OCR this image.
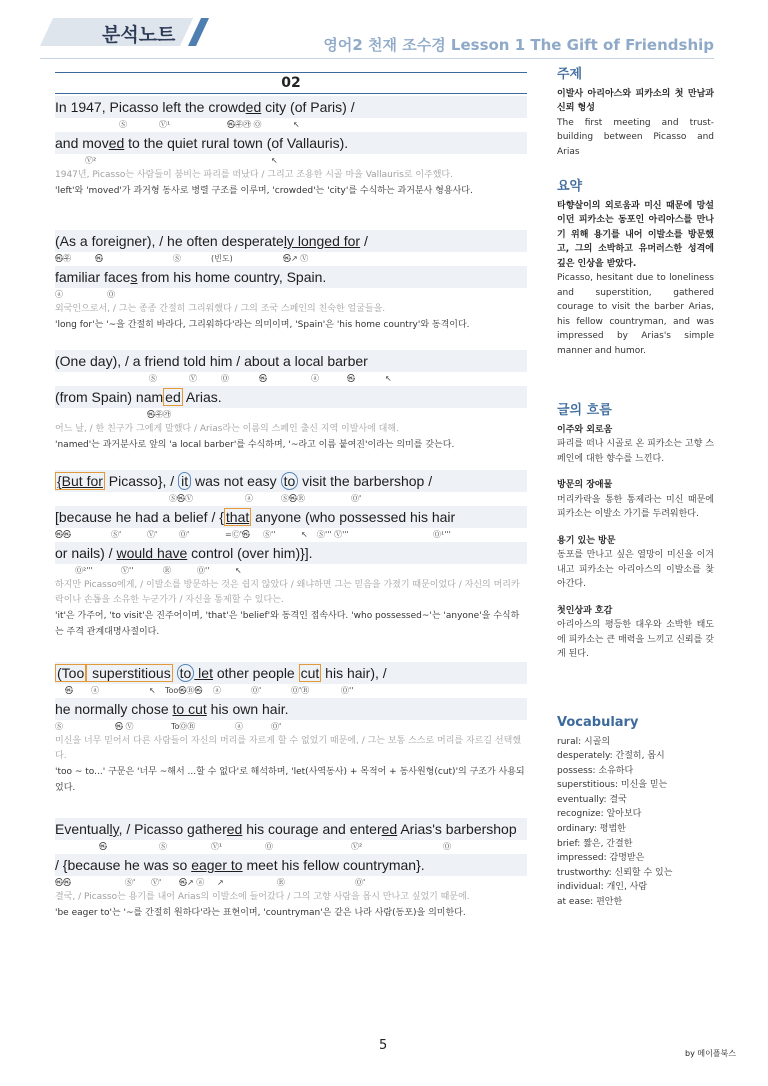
분석노트	영어2 천재 조수경 Lesson 1 The Gift of Friendship
02
In 1947, Picasso left the crowded city (of Paris) /
Ⓢ	Ⓥ¹	㉿㉾㉸ Ⓞ	↖
and moved to the quiet rural town (of Vallauris).
Ⓥ²	↖
1947년, Picasso는 사람들이 붐비는 파리를 떠났다 / 그리고 조용한 시골 마을 Vallauris로 이주했다.
'left'와 'moved'가 과거형 동사로 병렬 구조를 이루며, 'crowded'는 'city'를 수식하는 과거분사 형용사다.
(As a foreigner), / he often desperately longed for /
㉿㉾	㉿	Ⓢ	(빈도)	㉿↗ Ⓥ
familiar faces from his home country, Spain.
ⓐ	Ⓞ
외국인으로서, / 그는 종종 간절히 그리워했다 / 그의 조국 스페인의 친숙한 얼굴들을.
'long for'는 '~을 간절히 바라다, 그리워하다'라는 의미이며, 'Spain'은 'his home country'와 동격이다.
(One day), / a friend told him / about a local barber
Ⓢ	Ⓥ	Ⓞ	㉿	ⓐ	㉿	↖
(from Spain) nam ed Arias.
㉿㉾㉸
어느 날, / 한 친구가 그에게 말했다 / Arias라는 이름의 스페인 출신 지역 이발사에 대해.
'named'는 과거분사로 앞의 'a local barber'를 수식하며, '~라고 이름 붙여진'이라는 의미를 갖는다.
{But for Picasso}, / it was not easy to visit the barbershop /
Ⓢ㉿Ⓥ	ⓐ	Ⓢ㉿Ⓡ	Ⓞ'
[because he had a belief / { that anyone (who possessed his hair
㉿㉿	Ⓢ'	Ⓥ'	Ⓞ'	=Ⓒ'㉿ Ⓢ''	↖ Ⓢ''' Ⓥ'''	Ⓞ¹'''
or nails) / would have control (over him)}].
Ⓞ²'''	Ⓥ''	Ⓡ	Ⓞ''	↖
하지만 Picasso에게, / 이발소를 방문하는 것은 쉽지 않았다 / 왜냐하면 그는 믿음을 가졌기 때문이었다 / 자신의 머리카락이나 손톱을 소유한 누군가가 / 자신을 통제할 수 있다는.
'it'은 가주어, 'to visit'은 진주어이며, 'that'은 'belief'와 동격인 접속사다. 'who possessed~'는 'anyone'을 수식하는 주격 관계대명사절이다.
(Too superstitious to let other people cut his hair), /
㉿ ⓐ	↖ Too㉿Ⓡ㉿ ⓐ	Ⓞ'	Ⓞ'Ⓡ	Ⓞ''
he normally chose to cut his own hair.
Ⓢ	㉿ Ⓥ	ToⓄⓇ	ⓐ	Ⓞ'
미신을 너무 믿어서 다른 사람들이 자신의 머리를 자르게 할 수 없었기 때문에, / 그는 보통 스스로 머리를 자르길 선택했다.
'too ~ to...' 구문은 '너무 ~해서 ...할 수 없다'로 해석하며, 'let(사역동사) + 목적어 + 동사원형(cut)'의 구조가 사용되었다.
Eventually, / Picasso gathered his courage and entered Arias's barbershop
㉿	Ⓢ	Ⓥ¹	Ⓞ	Ⓥ²	Ⓞ
/ {because he was so eager to meet his fellow countryman}.
㉿㉿	Ⓢ' Ⓥ' ㉿↗ ⓐ ↗	Ⓡ	Ⓞ'
결국, / Picasso는 용기를 내어 Arias의 이발소에 들어갔다 / 그의 고향 사람을 몹시 만나고 싶었기 때문에.
'be eager to'는 '~를 간절히 원하다'라는 표현이며, 'countryman'은 같은 나라 사람(동포)을 의미한다.
주제

이발사 아리아스와 피카소의 첫 만남과 신뢰 형성

The first meeting and trust-building between Picasso and Arias

요약

타향살이의 외로움과 미신 때문에 망설이던 피카소는 동포인 아리아스를 만나기 위해 용기를 내어 이발소를 방문했고, 그의 소박하고 유머러스한 성격에 깊은 인상을 받았다.

Picasso, hesitant due to loneliness and superstition, gathered courage to visit the barber Arias, his fellow countryman, and was impressed by Arias's simple manner and humor.

글의 흐름

이주와 외로움

파리를 떠나 시골로 온 피카소는 고향 스페인에 대한 향수를 느낀다.

방문의 장애물

머리카락을 통한 통제라는 미신 때문에 피카소는 이발소 가기를 두려워한다.

용기 있는 방문

동포를 만나고 싶은 열망이 미신을 이겨내고 피카소는 아리아스의 이발소를 찾아간다.

첫인상과 호감

아리아스의 평등한 대우와 소박한 태도에 피카소는 큰 매력을 느끼고 신뢰를 갖게 된다.

Vocabulary
rural: 시골의
desperately: 간절히, 몹시
possess: 소유하다
superstitious: 미신을 믿는
eventually: 결국
recognize: 알아보다
ordinary: 평범한
brief: 짧은, 간결한
impressed: 감명받은
trustworthy: 신뢰할 수 있는
individual: 개인, 사람
at ease: 편안한
5
by 메이플북스
